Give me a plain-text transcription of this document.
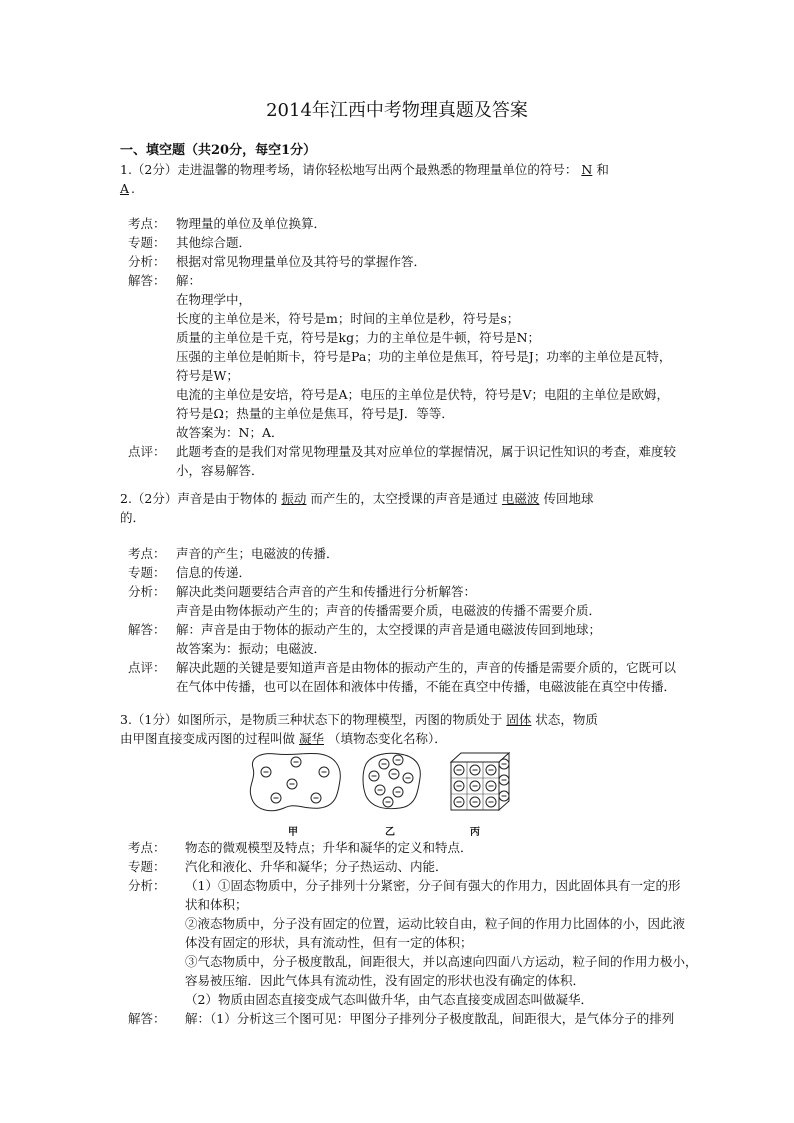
2014年江西中考物理真题及答案
一、填空题（共20分，每空1分）
1.（2分）走进温馨的物理考场，请你轻松地写出两个最熟悉的物理量单位的符号： N 和
A .
考点： 物理量的单位及单位换算．
专题： 其他综合题．
分析： 根据对常见物理量单位及其符号的掌握作答．
解答： 解：

在物理学中，

长度的主单位是米，符号是m；时间的主单位是秒，符号是s；

质量的主单位是千克，符号是kg；力的主单位是牛顿，符号是N；

压强的主单位是帕斯卡，符号是Pa；功的主单位是焦耳，符号是J；功率的主单位是瓦特，

符号是W；

电流的主单位是安培，符号是A；电压的主单位是伏特，符号是V；电阻的主单位是欧姆，

符号是Ω；热量的主单位是焦耳，符号是J．等等．

故答案为：N；A．

点评： 此题考查的是我们对常见物理量及其对应单位的掌握情况，属于识记性知识的考查，难度较

小，容易解答．

2.（2分）声音是由于物体的 振动 而产生的，太空授课的声音是通过 电磁波 传回地球
的．
考点： 声音的产生；电磁波的传播．
专题： 信息的传递．
分析： 解决此类问题要结合声音的产生和传播进行分析解答：

声音是由物体振动产生的；声音的传播需要介质，电磁波的传播不需要介质．

解答： 解：声音是由于物体的振动产生的，太空授课的声音是通电磁波传回到地球；

故答案为：振动；电磁波．

点评： 解决此题的关键是要知道声音是由物体的振动产生的，声音的传播是需要介质的，它既可以

在气体中传播，也可以在固体和液体中传播，不能在真空中传播，电磁波能在真空中传播．

3.（1分）如图所示，是物质三种状态下的物理模型，丙图的物质处于 固体 状态，物质
由甲图直接变成丙图的过程叫做 凝华 （填物态变化名称）．
甲	乙	丙
考点：	物态的微观模型及特点；升华和凝华的定义和特点．
专题：	汽化和液化、升华和凝华；分子热运动、内能．
分析：	（1）①固态物质中，分子排列十分紧密，分子间有强大的作用力，因此固体具有一定的形

状和体积；

②液态物质中，分子没有固定的位置，运动比较自由，粒子间的作用力比固体的小，因此液

体没有固定的形状，具有流动性，但有一定的体积；

③气态物质中，分子极度散乱，间距很大，并以高速向四面八方运动，粒子间的作用力极小，

容易被压缩．因此气体具有流动性，没有固定的形状也没有确定的体积．

（2）物质由固态直接变成气态叫做升华，由气态直接变成固态叫做凝华．

解答：	解：（1）分析这三个图可见：甲图分子排列分子极度散乱，间距很大，是气体分子的排列
